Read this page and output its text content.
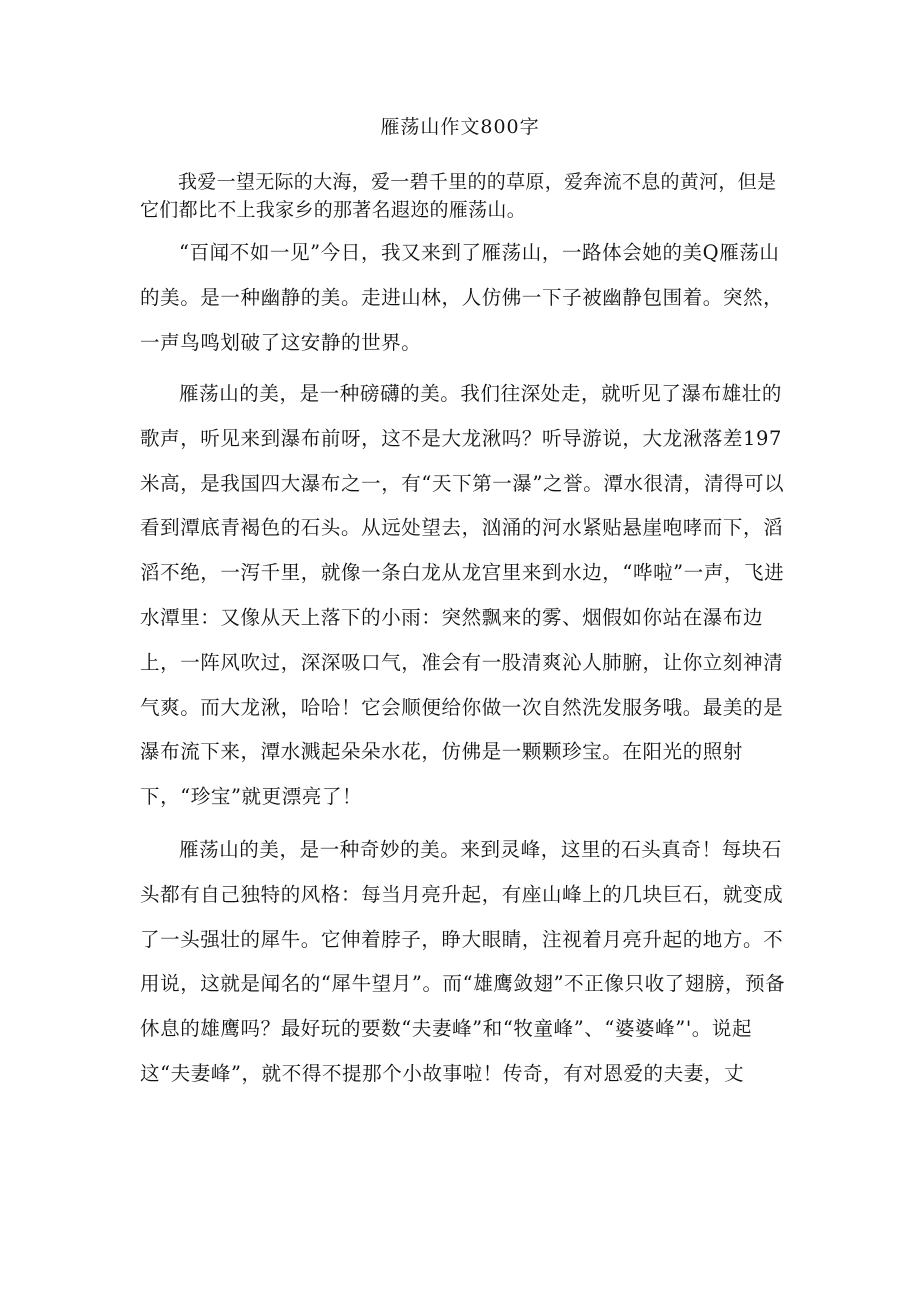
雁荡山作文800字

我爱一望无际的大海，爱一碧千里的的草原，爱奔流不息的黄河，但是它们都比不上我家乡的那著名遐迩的雁荡山。

“百闻不如一见”今日，我又来到了雁荡山，一路体会她的美Q雁荡山的美。是一种幽静的美。走进山林，人仿佛一下子被幽静包围着。突然，一声鸟鸣划破了这安静的世界。

雁荡山的美，是一种磅礴的美。我们往深处走，就听见了瀑布雄壮的歌声，听见来到瀑布前呀，这不是大龙湫吗？听导游说，大龙湫落差197米高，是我国四大瀑布之一，有“天下第一瀑”之誉。潭水很清，清得可以看到潭底青褐色的石头。从远处望去，汹涌的河水紧贴悬崖咆哮而下，滔滔不绝，一泻千里，就像一条白龙从龙宫里来到水边，“哗啦”一声，飞进水潭里：又像从天上落下的小雨：突然飘来的雾、烟假如你站在瀑布边上，一阵风吹过，深深吸口气，准会有一股清爽沁人肺腑，让你立刻神清气爽。而大龙湫，哈哈！它会顺便给你做一次自然洗发服务哦。最美的是瀑布流下来，潭水溅起朵朵水花，仿佛是一颗颗珍宝。在阳光的照射下，“珍宝”就更漂亮了！

雁荡山的美，是一种奇妙的美。来到灵峰，这里的石头真奇！每块石头都有自己独特的风格：每当月亮升起，有座山峰上的几块巨石，就变成了一头强壮的犀牛。它伸着脖子，睁大眼睛，注视着月亮升起的地方。不用说，这就是闻名的“犀牛望月”。而“雄鹰敛翅”不正像只收了翅膀，预备休息的雄鹰吗？最好玩的要数“夫妻峰”和“牧童峰”、“婆婆峰”'。说起这“夫妻峰”，就不得不提那个小故事啦！传奇，有对恩爱的夫妻，丈
